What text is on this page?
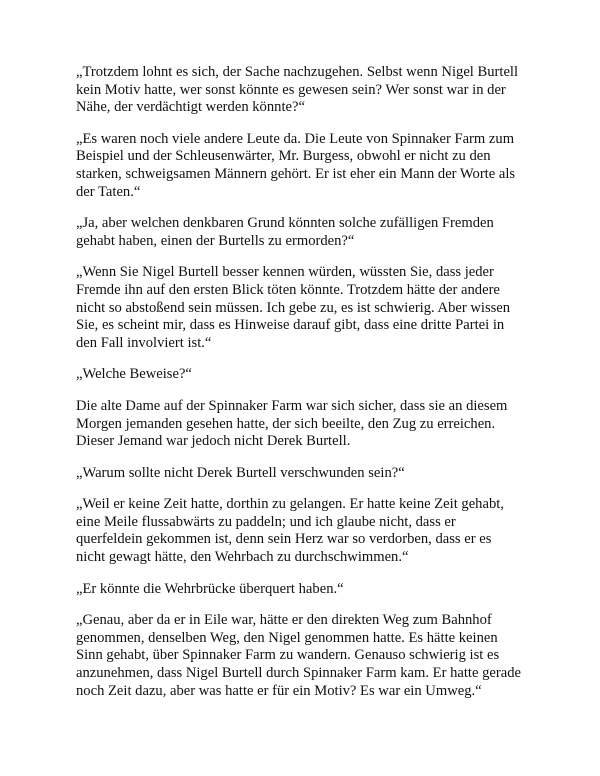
„Trotzdem lohnt es sich, der Sache nachzugehen. Selbst wenn Nigel Burtell
kein Motiv hatte, wer sonst könnte es gewesen sein? Wer sonst war in der
Nähe, der verdächtigt werden könnte?“

„Es waren noch viele andere Leute da. Die Leute von Spinnaker Farm zum
Beispiel und der Schleusenwärter, Mr. Burgess, obwohl er nicht zu den
starken, schweigsamen Männern gehört. Er ist eher ein Mann der Worte als
der Taten.“

„Ja, aber welchen denkbaren Grund könnten solche zufälligen Fremden
gehabt haben, einen der Burtells zu ermorden?“

„Wenn Sie Nigel Burtell besser kennen würden, wüssten Sie, dass jeder
Fremde ihn auf den ersten Blick töten könnte. Trotzdem hätte der andere
nicht so abstoßend sein müssen. Ich gebe zu, es ist schwierig. Aber wissen
Sie, es scheint mir, dass es Hinweise darauf gibt, dass eine dritte Partei in
den Fall involviert ist.“

„Welche Beweise?“

Die alte Dame auf der Spinnaker Farm war sich sicher, dass sie an diesem
Morgen jemanden gesehen hatte, der sich beeilte, den Zug zu erreichen.
Dieser Jemand war jedoch nicht Derek Burtell.

„Warum sollte nicht Derek Burtell verschwunden sein?“

„Weil er keine Zeit hatte, dorthin zu gelangen. Er hatte keine Zeit gehabt,
eine Meile flussabwärts zu paddeln; und ich glaube nicht, dass er
querfeldein gekommen ist, denn sein Herz war so verdorben, dass er es
nicht gewagt hätte, den Wehrbach zu durchschwimmen.“

„Er könnte die Wehrbrücke überquert haben.“

„Genau, aber da er in Eile war, hätte er den direkten Weg zum Bahnhof
genommen, denselben Weg, den Nigel genommen hatte. Es hätte keinen
Sinn gehabt, über Spinnaker Farm zu wandern. Genauso schwierig ist es
anzunehmen, dass Nigel Burtell durch Spinnaker Farm kam. Er hatte gerade
noch Zeit dazu, aber was hatte er für ein Motiv? Es war ein Umweg.“
